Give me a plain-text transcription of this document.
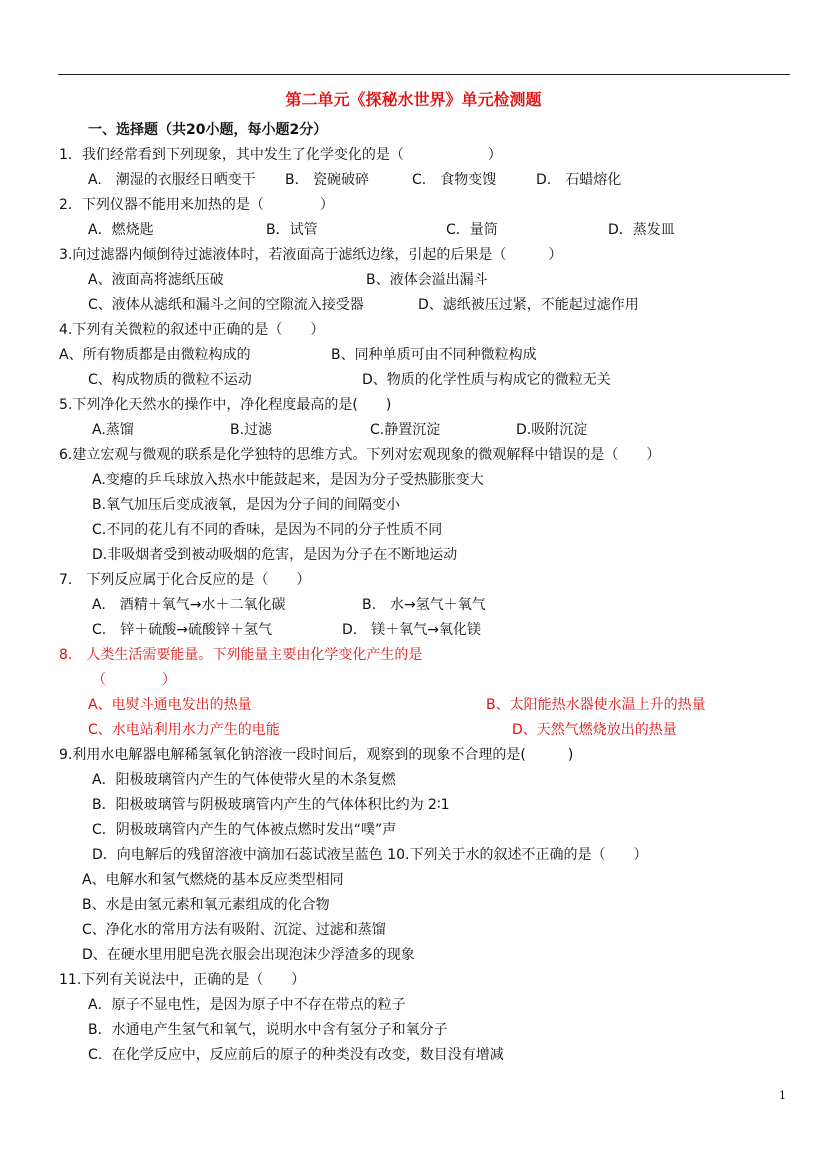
第二单元《探秘水世界》单元检测题
一、选择题（共20小题，每小题2分）
1．我们经常看到下列现象，其中发生了化学变化的是（　　　　　　）
A.　潮湿的衣服经日晒变干 B.　瓷碗破碎	C.　食物变馊	D.　石蜡熔化
2．下列仪器不能用来加热的是（　　　　）
A．燃烧匙	B．试管	C．量筒	D．蒸发皿
3.向过滤器内倾倒待过滤液体时，若液面高于滤纸边缘，引起的后果是（　　　）
A、液面高将滤纸压破	B、液体会溢出漏斗
C、液体从滤纸和漏斗之间的空隙流入接受器	D、滤纸被压过紧，不能起过滤作用
4.下列有关微粒的叙述中正确的是（　　）
A、所有物质都是由微粒构成的	B、同种单质可由不同种微粒构成
C、构成物质的微粒不运动	D、物质的化学性质与构成它的微粒无关
5.下列净化天然水的操作中，净化程度最高的是(　　)
A.蒸馏	B.过滤	C.静置沉淀	D.吸附沉淀
6.建立宏观与微观的联系是化学独特的思维方式。下列对宏观现象的微观解释中错误的是（　　）
A.变瘪的乒乓球放入热水中能鼓起来，是因为分子受热膨胀变大
B.氧气加压后变成液氧，是因为分子间的间隔变小
C.不同的花儿有不同的香味，是因为不同的分子性质不同
D.非吸烟者受到被动吸烟的危害，是因为分子在不断地运动
7.　下列反应属于化合反应的是（　　）
A.　酒精＋氧气→水＋二氧化碳	B.　水→氢气＋氧气
C.　锌＋硫酸→硫酸锌＋氢气	D.　镁＋氧气→氧化镁
8.　人类生活需要能量。下列能量主要由化学变化产生的是
（　　　　）
A、电熨斗通电发出的热量	B、太阳能热水器使水温上升的热量
C、水电站利用水力产生的电能	D、天然气燃烧放出的热量
9.利用水电解器电解稀氢氧化钠溶液一段时间后，观察到的现象不合理的是(　　　)
A．阳极玻璃管内产生的气体使带火星的木条复燃
B．阳极玻璃管与阴极玻璃管内产生的气体体积比约为 2∶1
C．阴极玻璃管内产生的气体被点燃时发出“噗”声
D．向电解后的残留溶液中滴加石蕊试液呈蓝色 10.下列关于水的叙述不正确的是（　　）
A、电解水和氢气燃烧的基本反应类型相同
B、水是由氢元素和氧元素组成的化合物
C、净化水的常用方法有吸附、沉淀、过滤和蒸馏
D、在硬水里用肥皂洗衣服会出现泡沫少浮渣多的现象
11.下列有关说法中，正确的是（　　）
A．原子不显电性，是因为原子中不存在带点的粒子
B．水通电产生氢气和氧气，说明水中含有氢分子和氧分子
C．在化学反应中，反应前后的原子的种类没有改变，数目没有增减
1
